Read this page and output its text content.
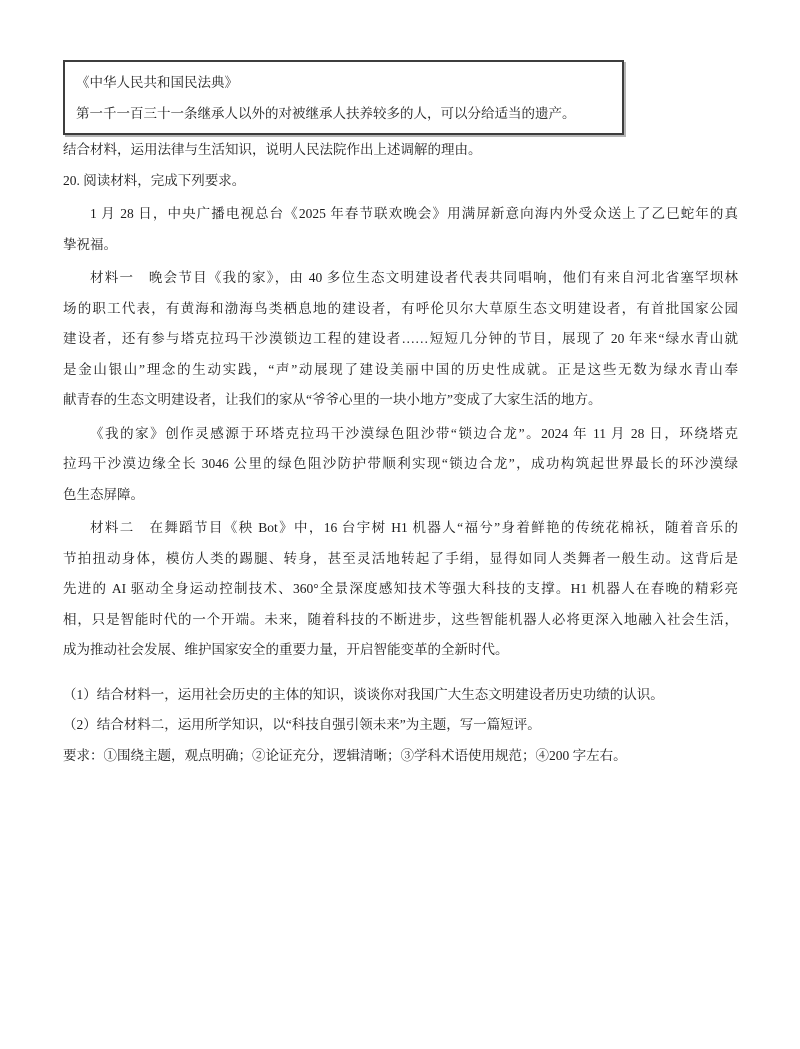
《中华人民共和国民法典》
第一千一百三十一条继承人以外的对被继承人扶养较多的人，可以分给适当的遗产。
结合材料，运用法律与生活知识，说明人民法院作出上述调解的理由。
20. 阅读材料，完成下列要求。
1 月 28 日，中央广播电视总台《2025 年春节联欢晚会》用满屏新意向海内外受众送上了乙巳蛇年的真
挚祝福。
材料一　晚会节目《我的家》，由 40 多位生态文明建设者代表共同唱响，他们有来自河北省塞罕坝林
场的职工代表，有黄海和渤海鸟类栖息地的建设者，有呼伦贝尔大草原生态文明建设者，有首批国家公园
建设者，还有参与塔克拉玛干沙漠锁边工程的建设者……短短几分钟的节目，展现了 20 年来“绿水青山就
是金山银山”理念的生动实践，“声”动展现了建设美丽中国的历史性成就。正是这些无数为绿水青山奉
献青春的生态文明建设者，让我们的家从“爷爷心里的一块小地方”变成了大家生活的地方。
《我的家》创作灵感源于环塔克拉玛干沙漠绿色阻沙带“锁边合龙”。2024 年 11 月 28 日，环绕塔克
拉玛干沙漠边缘全长 3046 公里的绿色阻沙防护带顺利实现“锁边合龙”，成功构筑起世界最长的环沙漠绿
色生态屏障。
材料二　在舞蹈节目《秧 Bot》中，16 台宇树 H1 机器人“福兮”身着鲜艳的传统花棉袄，随着音乐的
节拍扭动身体，模仿人类的踢腿、转身，甚至灵活地转起了手绢，显得如同人类舞者一般生动。这背后是
先进的 AI 驱动全身运动控制技术、360°全景深度感知技术等强大科技的支撑。H1 机器人在春晚的精彩亮
相，只是智能时代的一个开端。未来，随着科技的不断进步，这些智能机器人必将更深入地融入社会生活，
成为推动社会发展、维护国家安全的重要力量，开启智能变革的全新时代。
（1）结合材料一，运用社会历史的主体的知识，谈谈你对我国广大生态文明建设者历史功绩的认识。
（2）结合材料二，运用所学知识，以“科技自强引领未来”为主题，写一篇短评。
要求：①围绕主题，观点明确；②论证充分，逻辑清晰；③学科术语使用规范；④200 字左右。
